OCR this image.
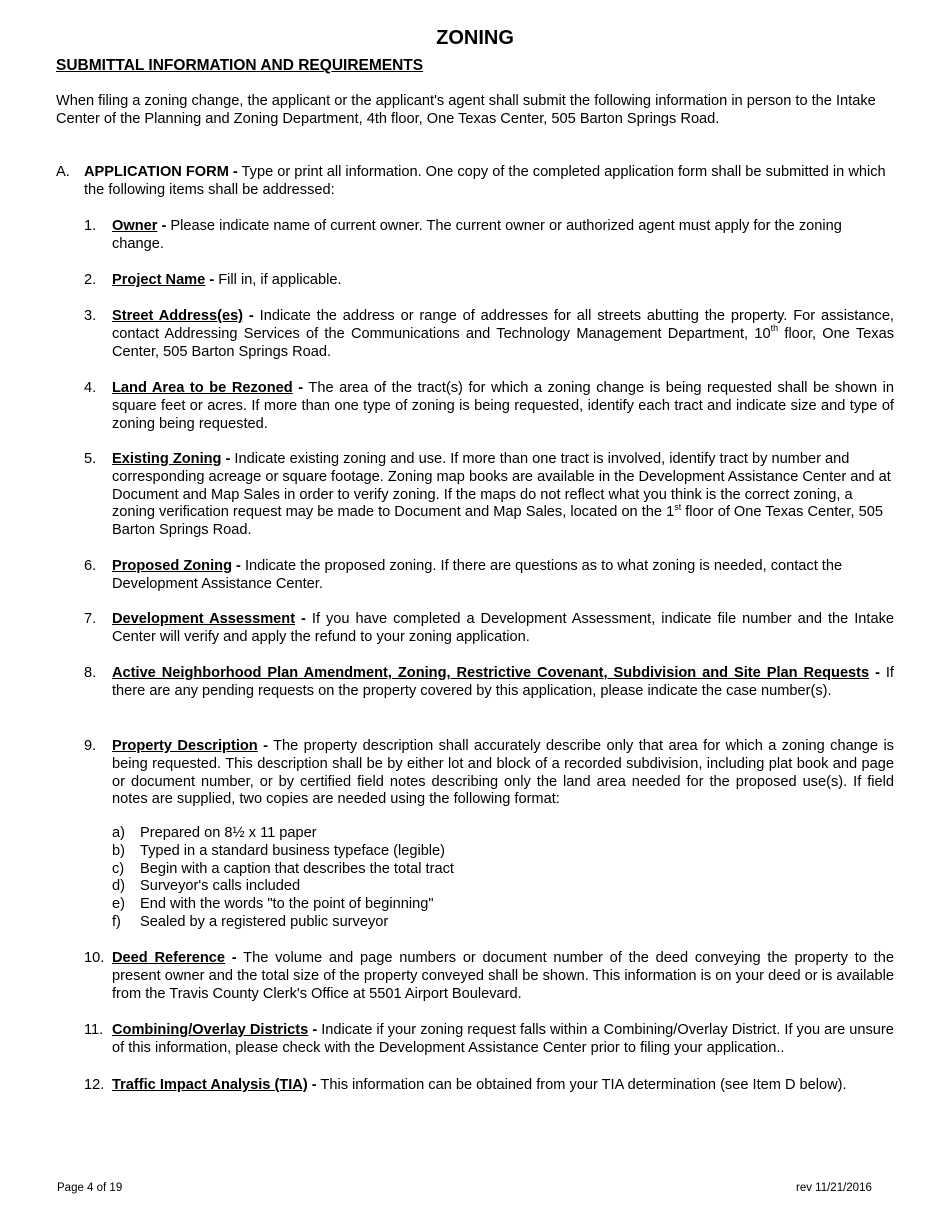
ZONING
SUBMITTAL INFORMATION AND REQUIREMENTS
When filing a zoning change, the applicant or the applicant's agent shall submit the following information in person to the Intake Center of the Planning and Zoning Department, 4th floor, One Texas Center, 505 Barton Springs Road.
A. APPLICATION FORM - Type or print all information. One copy of the completed application form shall be submitted in which the following items shall be addressed:
1. Owner - Please indicate name of current owner. The current owner or authorized agent must apply for the zoning change.
2. Project Name - Fill in, if applicable.
3. Street Address(es) - Indicate the address or range of addresses for all streets abutting the property. For assistance, contact Addressing Services of the Communications and Technology Management Department, 10th floor, One Texas Center, 505 Barton Springs Road.
4. Land Area to be Rezoned - The area of the tract(s) for which a zoning change is being requested shall be shown in square feet or acres. If more than one type of zoning is being requested, identify each tract and indicate size and type of zoning being requested.
5. Existing Zoning - Indicate existing zoning and use. If more than one tract is involved, identify tract by number and corresponding acreage or square footage. Zoning map books are available in the Development Assistance Center and at Document and Map Sales in order to verify zoning. If the maps do not reflect what you think is the correct zoning, a zoning verification request may be made to Document and Map Sales, located on the 1st floor of One Texas Center, 505 Barton Springs Road.
6. Proposed Zoning - Indicate the proposed zoning. If there are questions as to what zoning is needed, contact the Development Assistance Center.
7. Development Assessment - If you have completed a Development Assessment, indicate file number and the Intake Center will verify and apply the refund to your zoning application.
8. Active Neighborhood Plan Amendment, Zoning, Restrictive Covenant, Subdivision and Site Plan Requests - If there are any pending requests on the property covered by this application, please indicate the case number(s).
9. Property Description - The property description shall accurately describe only that area for which a zoning change is being requested. This description shall be by either lot and block of a recorded subdivision, including plat book and page or document number, or by certified field notes describing only the land area needed for the proposed use(s). If field notes are supplied, two copies are needed using the following format:
a) Prepared on 8½ x 11 paper
b) Typed in a standard business typeface (legible)
c) Begin with a caption that describes the total tract
d) Surveyor's calls included
e) End with the words "to the point of beginning"
f) Sealed by a registered public surveyor
10. Deed Reference - The volume and page numbers or document number of the deed conveying the property to the present owner and the total size of the property conveyed shall be shown. This information is on your deed or is available from the Travis County Clerk's Office at 5501 Airport Boulevard.
11. Combining/Overlay Districts - Indicate if your zoning request falls within a Combining/Overlay District. If you are unsure of this information, please check with the Development Assistance Center prior to filing your application..
12. Traffic Impact Analysis (TIA) - This information can be obtained from your TIA determination (see Item D below).
Page 4 of 19	rev 11/21/2016
